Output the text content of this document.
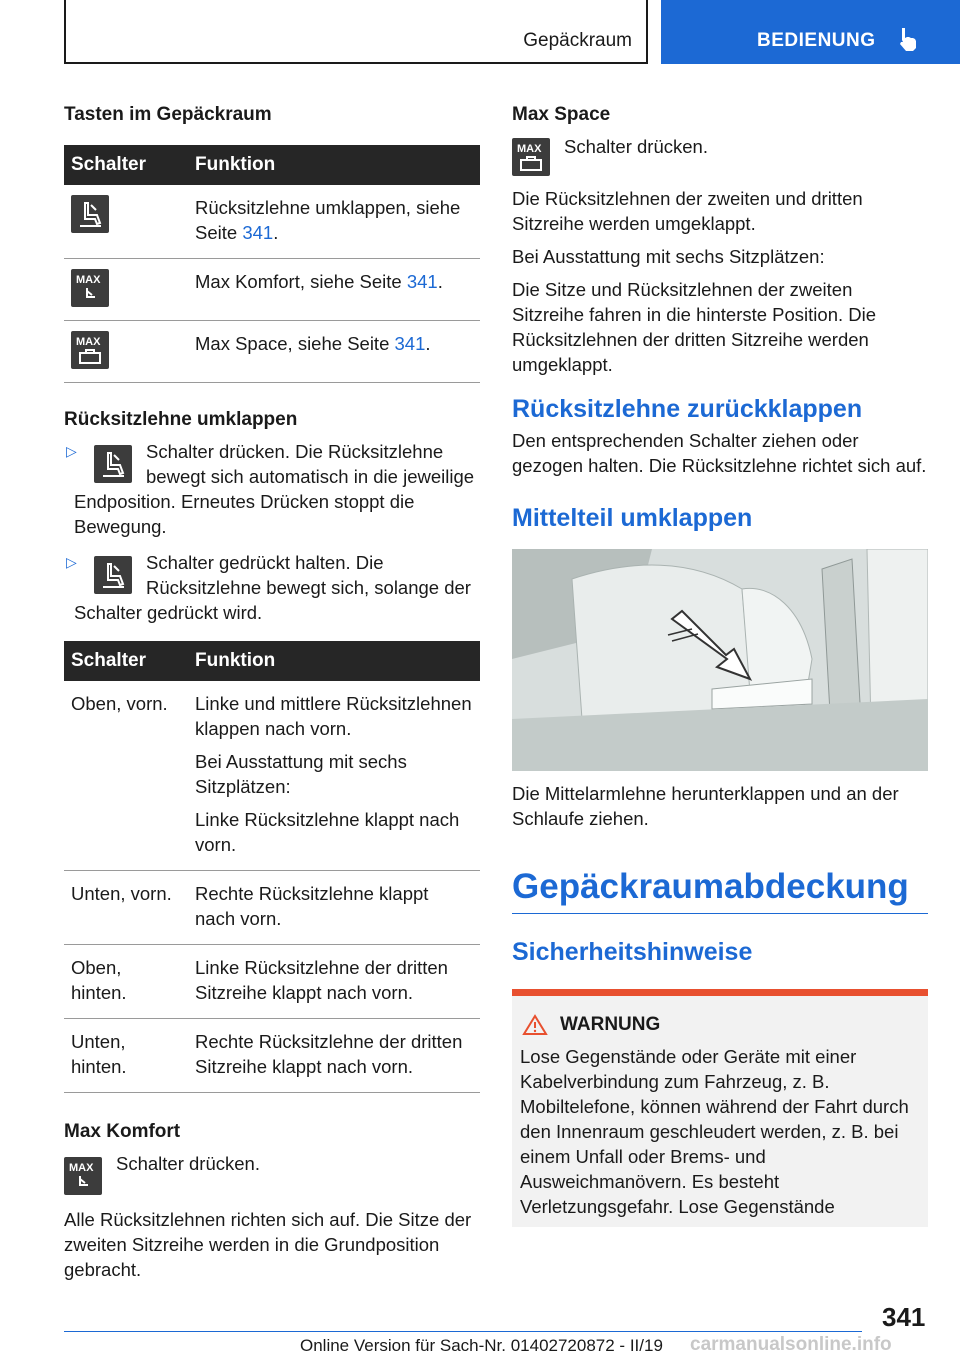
Gepäckraum	BEDIENUNG

Tasten im Gepäckraum

Schalter	Funktion

	Rücksitzlehne umklappen, siehe Seite 341.

MAX	Max Komfort, siehe Seite 341.

MAX	Max Space, siehe Seite 341.

Rücksitzlehne umklappen

▷	Schalter drücken. Die Rücksitzlehne bewegt sich automatisch in die jeweilige Endposition. Erneutes Drücken stoppt die Bewegung.

▷	Schalter gedrückt halten. Die Rücksitzlehne bewegt sich, solange der Schalter gedrückt wird.

Schalter	Funktion
Oben, vorn.	Linke und mittlere Rücksitzlehnen klappen nach vorn.

Bei Ausstattung mit sechs Sitzplätzen:

Linke Rücksitzlehne klappt nach vorn.

Unten, vorn.	Rechte Rücksitzlehne klappt nach vorn.
Oben, hinten.	Linke Rücksitzlehne der dritten Sitzreihe klappt nach vorn.
Unten, hinten.	Rechte Rücksitzlehne der dritten Sitzreihe klappt nach vorn.

Max Komfort

MAX	Schalter drücken.

Alle Rücksitzlehnen richten sich auf. Die Sitze der zweiten Sitzreihe werden in die Grundposition gebracht.

Max Space

MAX	Schalter drücken.

Die Rücksitzlehnen der zweiten und dritten Sitzreihe werden umgeklappt.

Bei Ausstattung mit sechs Sitzplätzen:

Die Sitze und Rücksitzlehnen der zweiten Sitzreihe fahren in die hinterste Position. Die Rücksitzlehnen der dritten Sitzreihe werden umgeklappt.

Rücksitzlehne zurückklappen

Den entsprechenden Schalter ziehen oder gezogen halten. Die Rücksitzlehne richtet sich auf.

Mittelteil umklappen

Die Mittelarmlehne herunterklappen und an der Schlaufe ziehen.

Gepäckraumabdeckung

Sicherheitshinweise

WARNUNG

Lose Gegenstände oder Geräte mit einer Kabelverbindung zum Fahrzeug, z. B. Mobiltelefone, können während der Fahrt durch den Innenraum geschleudert werden, z. B. bei einem Unfall oder Brems- und Ausweichmanövern. Es besteht Verletzungsgefahr. Lose Gegenstände

341
Online Version für Sach-Nr. 01402720872 - II/19 carmanualsonline.info
